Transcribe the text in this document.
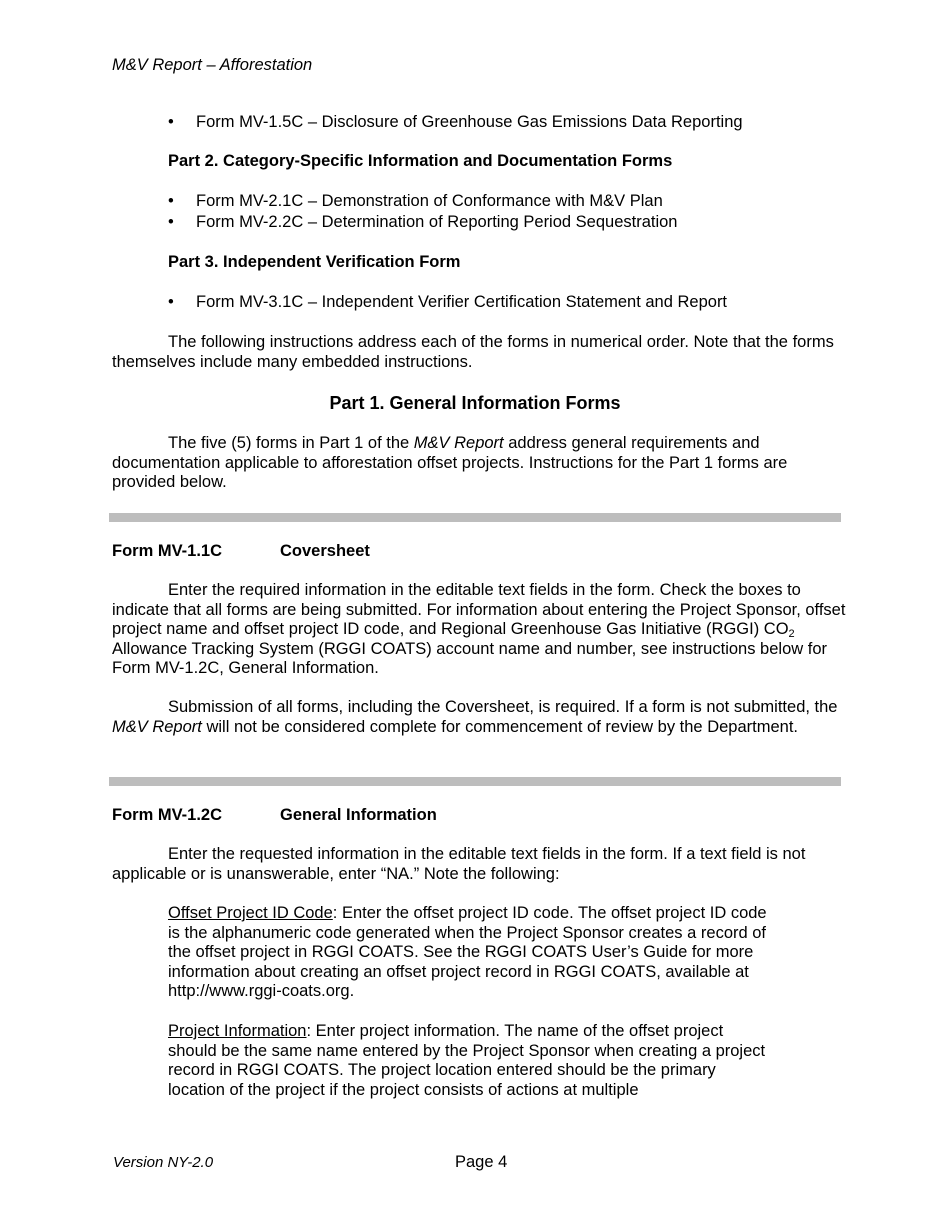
M&V Report – Afforestation
• Form MV-1.5C – Disclosure of Greenhouse Gas Emissions Data Reporting
Part 2. Category-Specific Information and Documentation Forms
• Form MV-2.1C – Demonstration of Conformance with M&V Plan
• Form MV-2.2C – Determination of Reporting Period Sequestration
Part 3. Independent Verification Form
• Form MV-3.1C – Independent Verifier Certification Statement and Report
The following instructions address each of the forms in numerical order. Note that the forms themselves include many embedded instructions.
Part 1. General Information Forms
The five (5) forms in Part 1 of the M&V Report address general requirements and documentation applicable to afforestation offset projects. Instructions for the Part 1 forms are provided below.
Form MV-1.1C	Coversheet
Enter the required information in the editable text fields in the form. Check the boxes to indicate that all forms are being submitted. For information about entering the Project Sponsor, offset project name and offset project ID code, and Regional Greenhouse Gas Initiative (RGGI) $CO_2$ Allowance Tracking System (RGGI COATS) account name and number, see instructions below for Form MV-1.2C, General Information.
Submission of all forms, including the Coversheet, is required. If a form is not submitted, the M&V Report will not be considered complete for commencement of review by the Department.
Form MV-1.2C	General Information
Enter the requested information in the editable text fields in the form. If a text field is not applicable or is unanswerable, enter “NA.” Note the following:
Offset Project ID Code: Enter the offset project ID code. The offset project ID code is the alphanumeric code generated when the Project Sponsor creates a record of the offset project in RGGI COATS. See the RGGI COATS User’s Guide for more information about creating an offset project record in RGGI COATS, available at http://www.rggi-coats.org.
Project Information: Enter project information. The name of the offset project should be the same name entered by the Project Sponsor when creating a project record in RGGI COATS. The project location entered should be the primary location of the project if the project consists of actions at multiple
Version NY-2.0	Page 4
